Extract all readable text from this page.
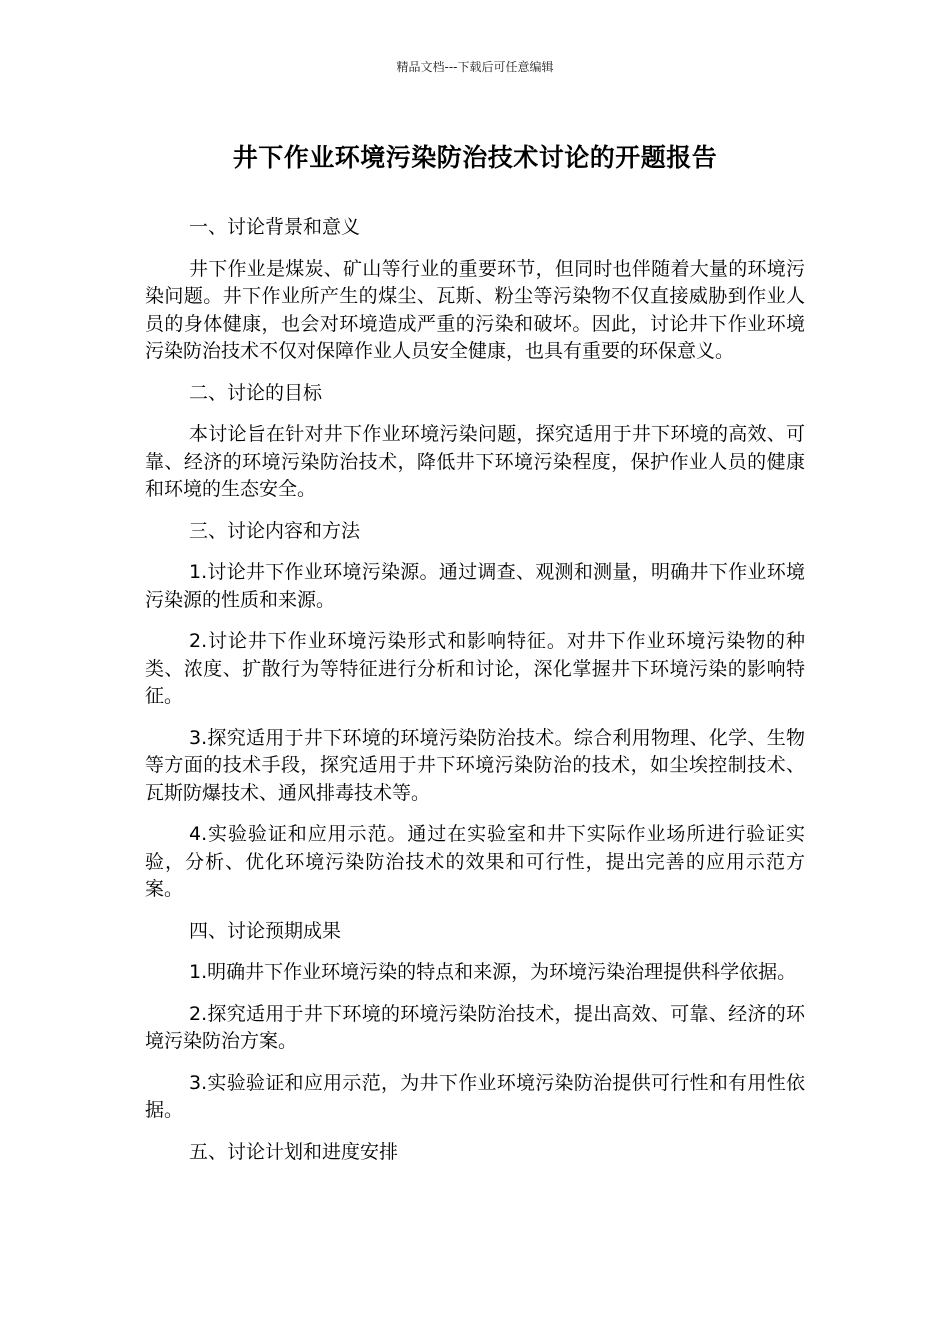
精品文档---下载后可任意编辑
井下作业环境污染防治技术讨论的开题报告

一、讨论背景和意义

井下作业是煤炭、矿山等行业的重要环节，但同时也伴随着大量的环境污染问题。井下作业所产生的煤尘、瓦斯、粉尘等污染物不仅直接威胁到作业人员的身体健康，也会对环境造成严重的污染和破坏。因此，讨论井下作业环境污染防治技术不仅对保障作业人员安全健康，也具有重要的环保意义。

二、讨论的目标

本讨论旨在针对井下作业环境污染问题，探究适用于井下环境的高效、可靠、经济的环境污染防治技术，降低井下环境污染程度，保护作业人员的健康和环境的生态安全。

三、讨论内容和方法

1.讨论井下作业环境污染源。通过调查、观测和测量，明确井下作业环境污染源的性质和来源。

2.讨论井下作业环境污染形式和影响特征。对井下作业环境污染物的种类、浓度、扩散行为等特征进行分析和讨论，深化掌握井下环境污染的影响特征。

3.探究适用于井下环境的环境污染防治技术。综合利用物理、化学、生物等方面的技术手段，探究适用于井下环境污染防治的技术，如尘埃控制技术、瓦斯防爆技术、通风排毒技术等。

4.实验验证和应用示范。通过在实验室和井下实际作业场所进行验证实验，分析、优化环境污染防治技术的效果和可行性，提出完善的应用示范方案。

四、讨论预期成果

1.明确井下作业环境污染的特点和来源，为环境污染治理提供科学依据。

2.探究适用于井下环境的环境污染防治技术，提出高效、可靠、经济的环境污染防治方案。

3.实验验证和应用示范，为井下作业环境污染防治提供可行性和有用性依据。

五、讨论计划和进度安排
